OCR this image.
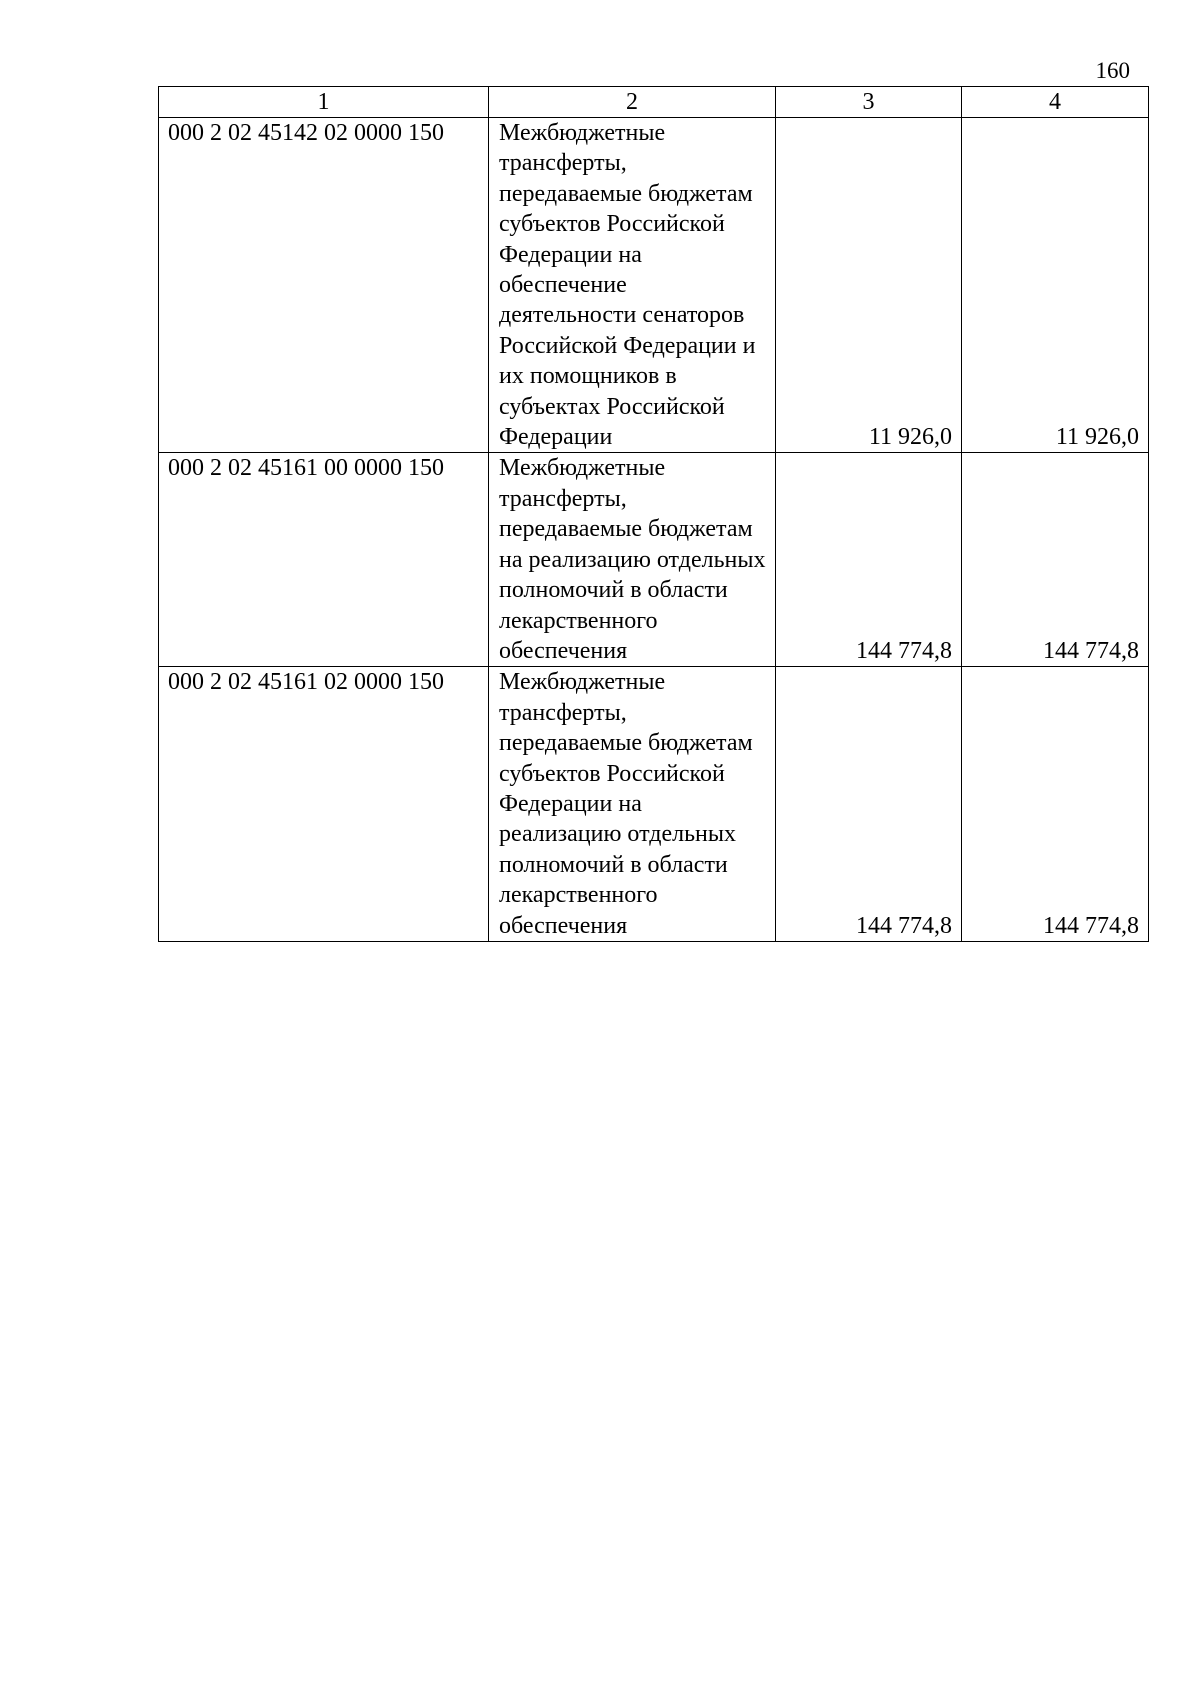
160
1	2	3	4
000 2 02 45142 02 0000 150	Межбюджетные трансферты, передаваемые бюджетам субъектов Российской Федерации на обеспечение деятельности сенаторов Российской Федерации и их помощников в субъектах Российской Федерации	11 926,0	11 926,0
000 2 02 45161 00 0000 150	Межбюджетные трансферты, передаваемые бюджетам на реализацию отдельных полномочий в области лекарственного обеспечения	144 774,8	144 774,8
000 2 02 45161 02 0000 150	Межбюджетные трансферты, передаваемые бюджетам субъектов Российской Федерации на реализацию отдельных полномочий в области лекарственного обеспечения	144 774,8	144 774,8
